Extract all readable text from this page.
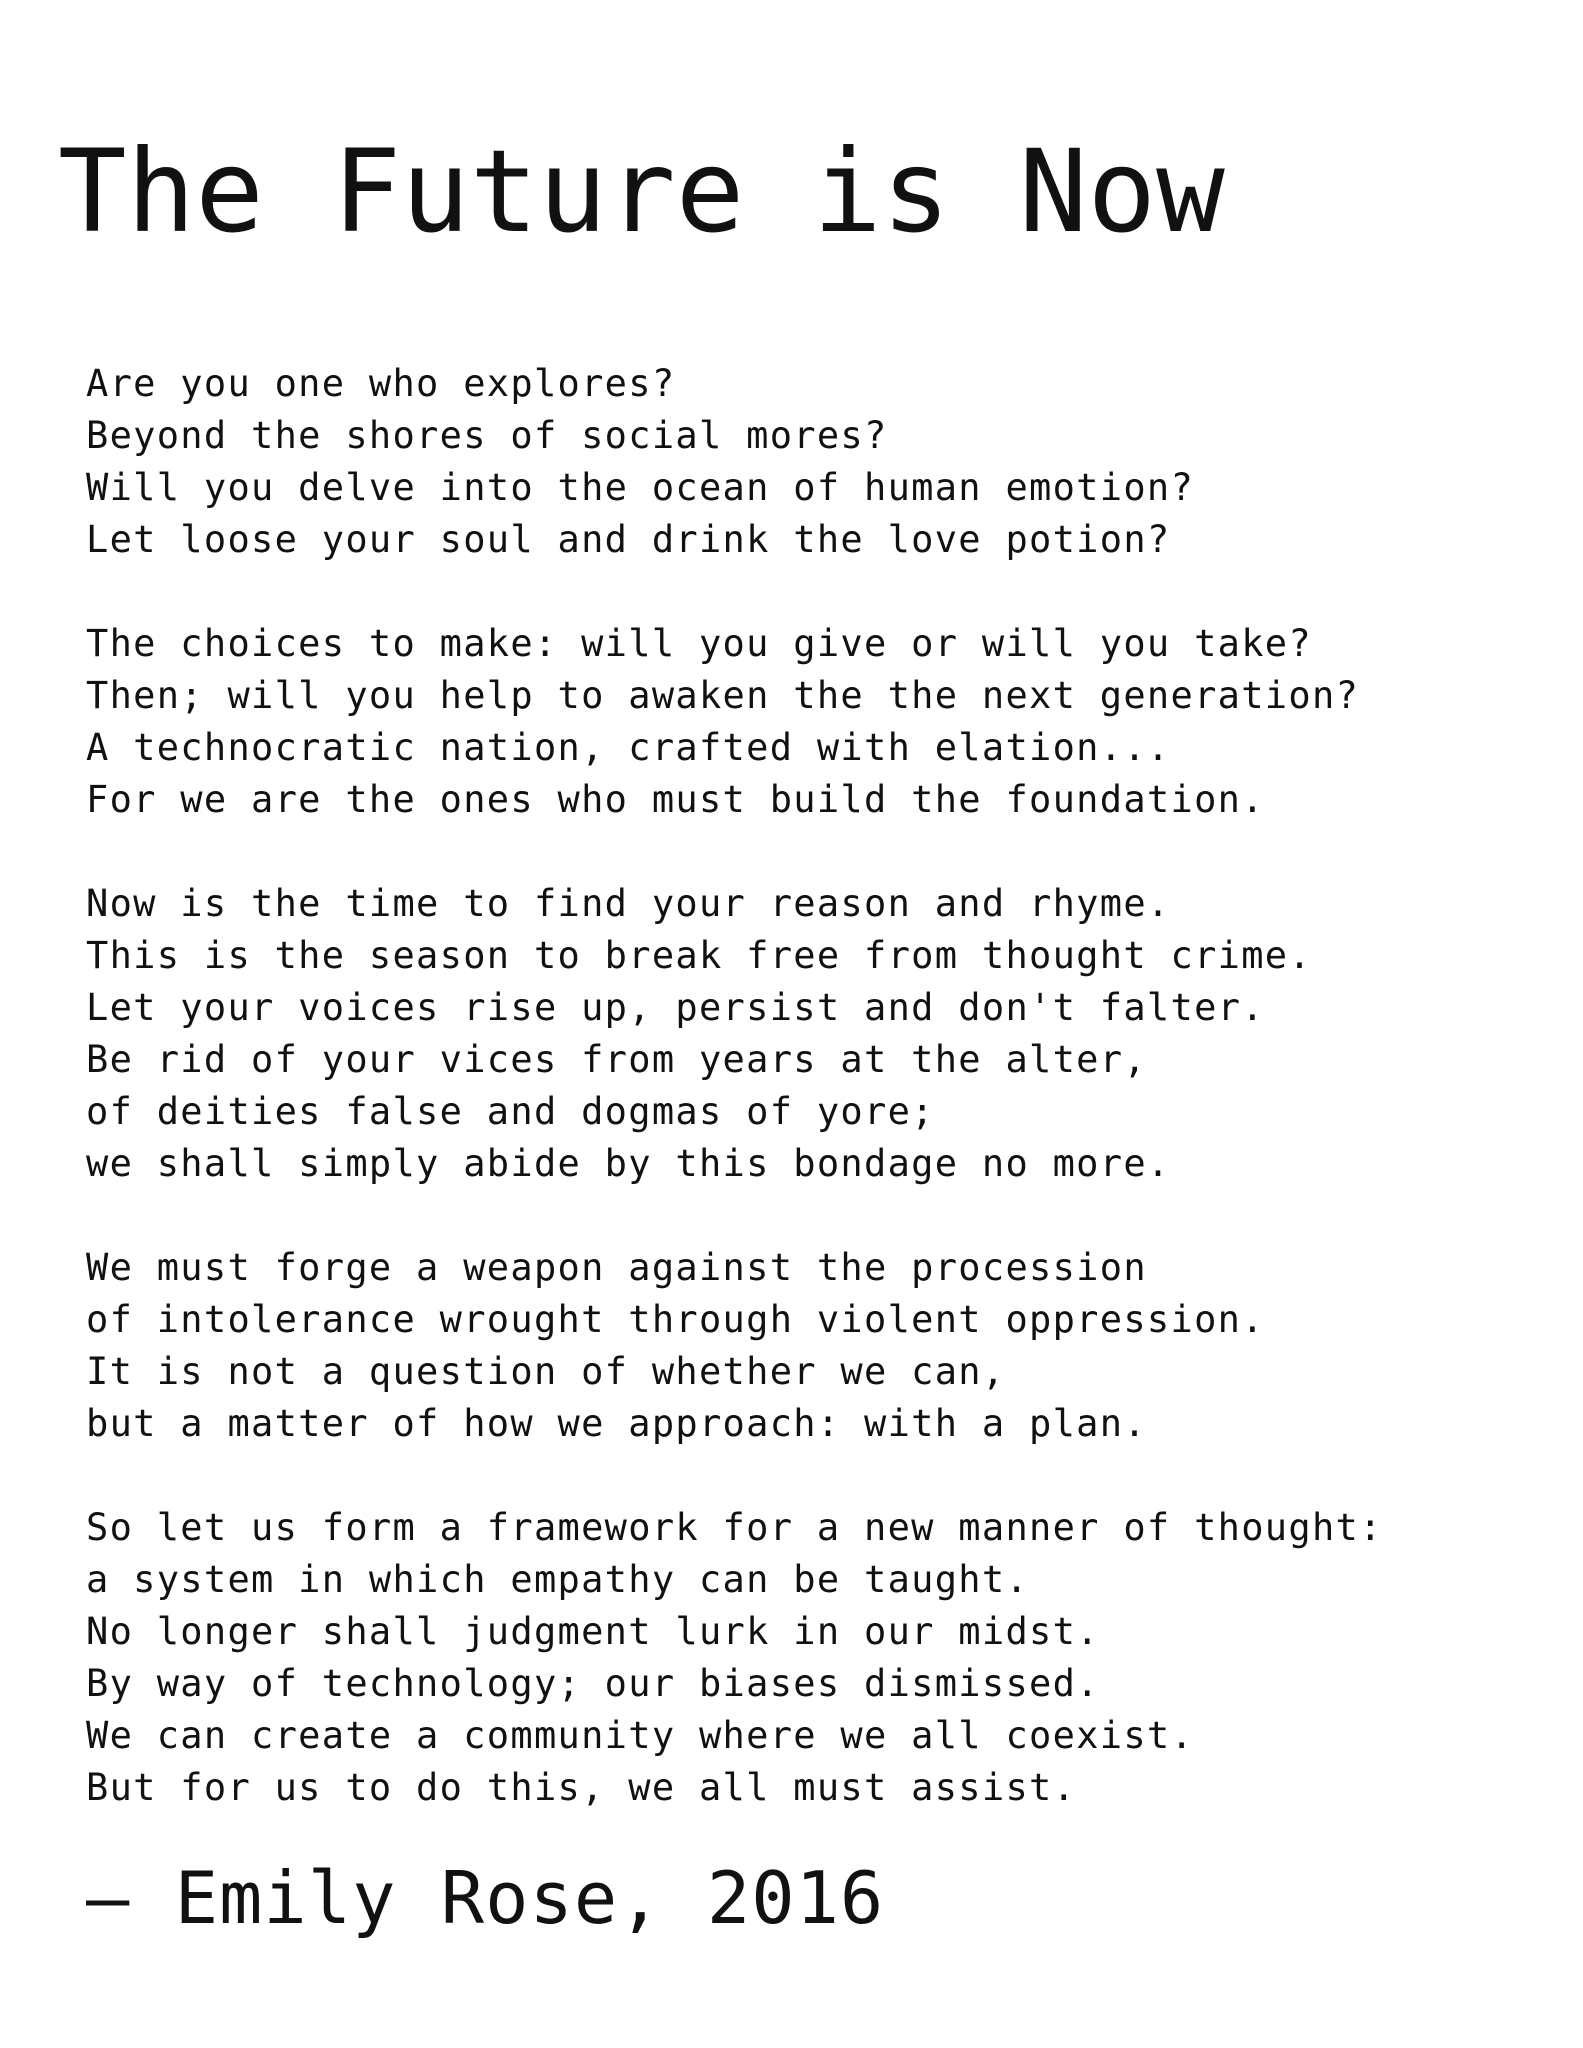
The Future is Now
Are you one who explores?
Beyond the shores of social mores?
Will you delve into the ocean of human emotion?
Let loose your soul and drink the love potion?
The choices to make: will you give or will you take?
Then; will you help to awaken the the next generation?
A technocratic nation, crafted with elation...
For we are the ones who must build the foundation.
Now is the time to find your reason and rhyme.
This is the season to break free from thought crime.
Let your voices rise up, persist and don't falter.
Be rid of your vices from years at the alter,
of deities false and dogmas of yore;
we shall simply abide by this bondage no more.
We must forge a weapon against the procession
of intolerance wrought through violent oppression.
It is not a question of whether we can,
but a matter of how we approach: with a plan.
So let us form a framework for a new manner of thought:
a system in which empathy can be taught.
No longer shall judgment lurk in our midst.
By way of technology; our biases dismissed.
We can create a community where we all coexist.
But for us to do this, we all must assist.

— Emily Rose, 2016
